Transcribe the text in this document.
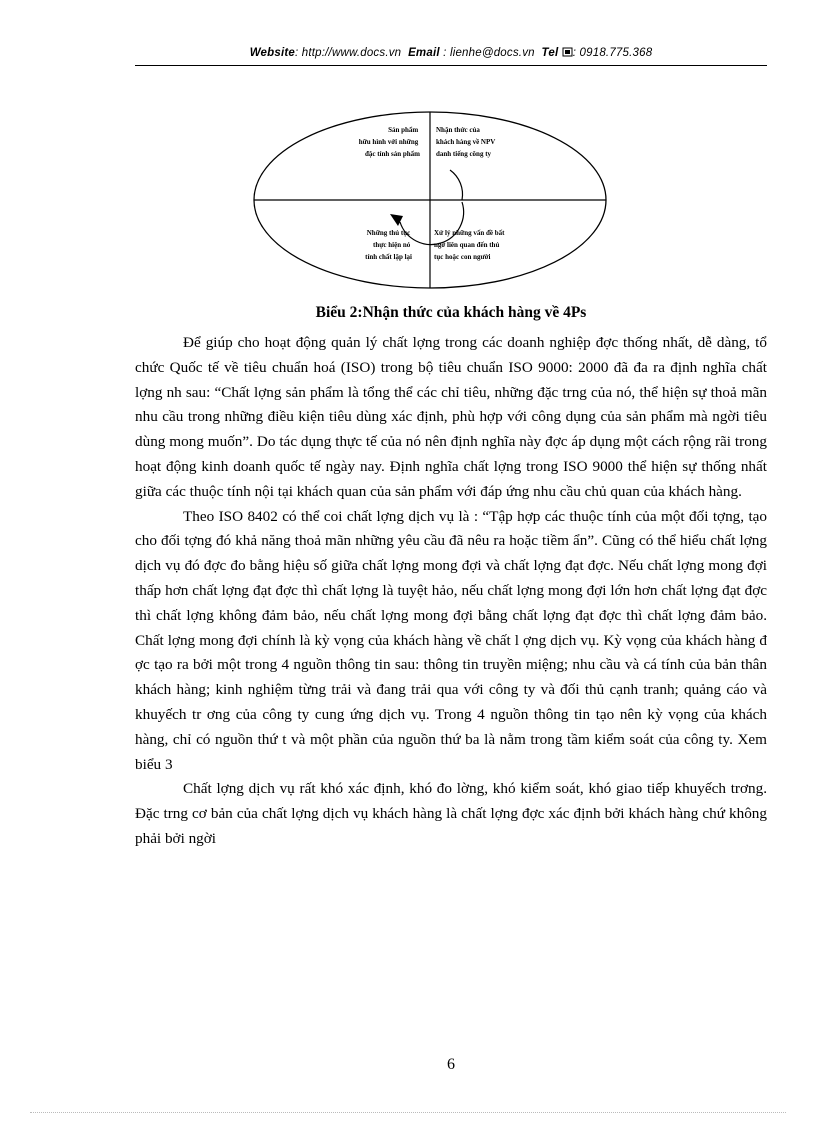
Website: http://www.docs.vn Email : lienhe@docs.vn Tel : 0918.775.368
Sản phẩm hữu hình với những đặc tính sản phẩm
Nhận thức của khách hàng về NPV danh tiếng công ty
Những thủ tục thực hiện nó tính chất lập lại
Xử lý những vấn đề bất ngờ liên quan đến thủ tục hoặc con người
Biểu 2:Nhận thức của khách hàng về 4Ps

Để giúp cho hoạt động quản lý chất lợng trong các doanh nghiệp đợc thống nhất, dễ dàng, tổ chức Quốc tế về tiêu chuẩn hoá (ISO) trong bộ tiêu chuẩn ISO 9000: 2000 đã đa ra định nghĩa chất lợng nh sau: “Chất lợng sản phẩm là tổng thể các chỉ tiêu, những đặc trng của nó, thể hiện sự thoả mãn nhu cầu trong những điều kiện tiêu dùng xác định, phù hợp với công dụng của sản phẩm mà ngời tiêu dùng mong muốn”. Do tác dụng thực tế của nó nên định nghĩa này đợc áp dụng một cách rộng rãi trong hoạt động kinh doanh quốc tế ngày nay. Định nghĩa chất lợng trong ISO 9000 thể hiện sự thống nhất giữa các thuộc tính nội tại khách quan của sản phẩm với đáp ứng nhu cầu chủ quan của khách hàng.

Theo ISO 8402 có thể coi chất lợng dịch vụ là : “Tập hợp các thuộc tính của một đối tợng, tạo cho đối tợng đó khả năng thoả mãn những yêu cầu đã nêu ra hoặc tiềm ẩn”. Cũng có thể hiểu chất lợng dịch vụ đó đợc đo bằng hiệu số giữa chất lợng mong đợi và chất lợng đạt đợc. Nếu chất lợng mong đợi thấp hơn chất lợng đạt đợc thì chất lợng là tuyệt hảo, nếu chất lợng mong đợi lớn hơn chất lợng đạt đợc thì chất lợng không đảm bảo, nếu chất lợng mong đợi bằng chất lợng đạt đợc thì chất lợng đảm bảo. Chất lợng mong đợi chính là kỳ vọng của khách hàng về chất l ợng dịch vụ. Kỳ vọng của khách hàng đ ợc tạo ra bởi một trong 4 nguồn thông tin sau: thông tin truyền miệng; nhu cầu và cá tính của bản thân khách hàng; kinh nghiệm từng trải và đang trải qua với công ty và đối thủ cạnh tranh; quảng cáo và khuyếch tr ơng của công ty cung ứng dịch vụ. Trong 4 nguồn thông tin tạo nên kỳ vọng của khách hàng, chỉ có nguồn thứ t và một phần của nguồn thứ ba là nằm trong tầm kiểm soát của công ty. Xem biểu 3

Chất lợng dịch vụ rất khó xác định, khó đo lờng, khó kiểm soát, khó giao tiếp khuyếch trơng. Đặc trng cơ bản của chất lợng dịch vụ khách hàng là chất lợng đợc xác định bởi khách hàng chứ không phải bởi ngời

6
